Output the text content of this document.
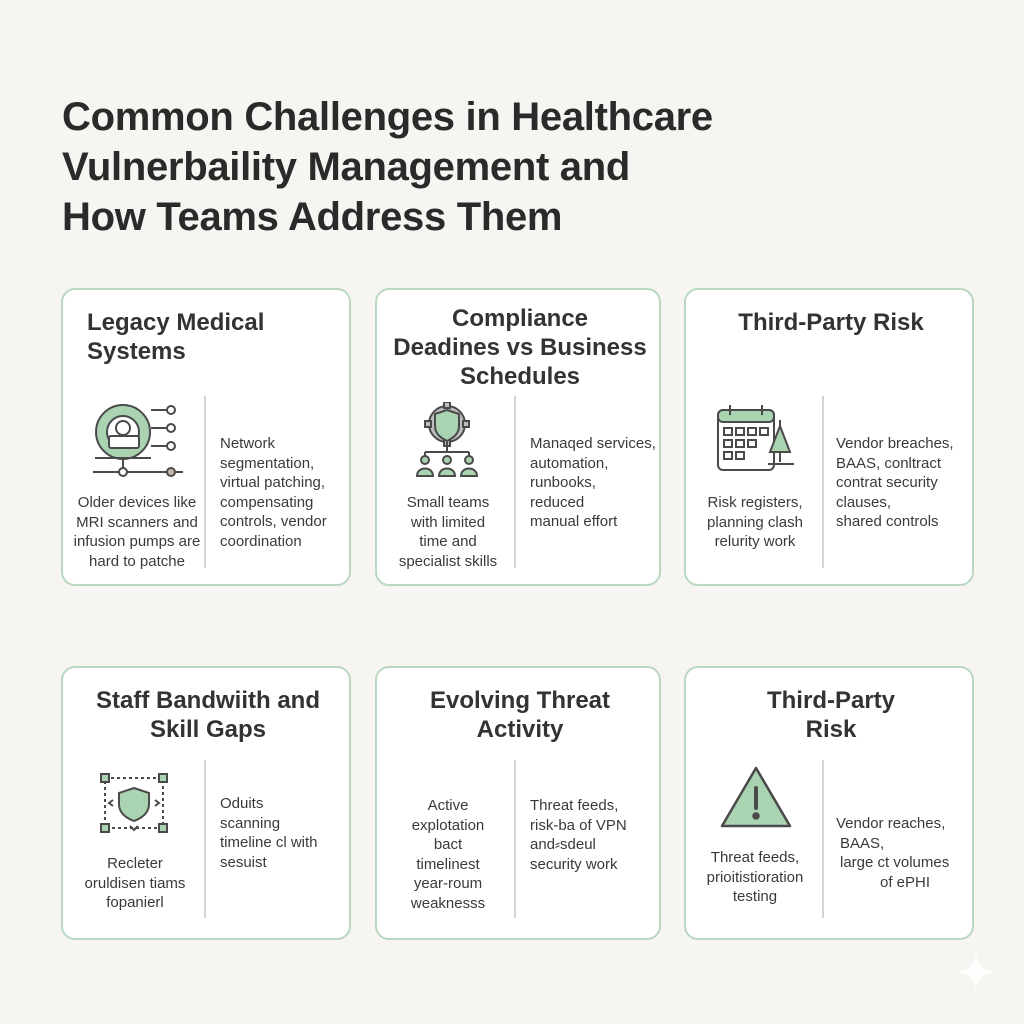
Common Challenges in Healthcare
Vulnerbaility Management and
How Teams Address Them
Legacy Medical
Systems
Older devices like
MRI scanners and
infusion pumps are
hard to patche
Network
segmentation,
virtual patching,
compensating
controls, vendor
coordination
Compliance
Deadines vs Business
Schedules
Small teams
with limited
time and
specialist skills
Manaqed services,
automation,
runbooks,
reduced
manual effort
Third-Party Risk
Risk registers,
planning clash
relurity work
Vendor breaches,
BAAS, conltract
contrat security
clauses,
shared controls
Staff Bandwiith and
Skill Gaps
Recleter
oruldisen tiams
fopanierl
Oduits
scanning
timeline cl with
sesuist
Evolving Threat
Activity
Active
explotation
bact
timelinest
year-roum
weaknesss
Threat feeds,
risk-ba of VPN
and⸗sdeul
security work
Third-Party
Risk
Threat feeds,
prioitistioration
testing
Vendor reaches,
BAAS,
large ct volumes
of ePHI
